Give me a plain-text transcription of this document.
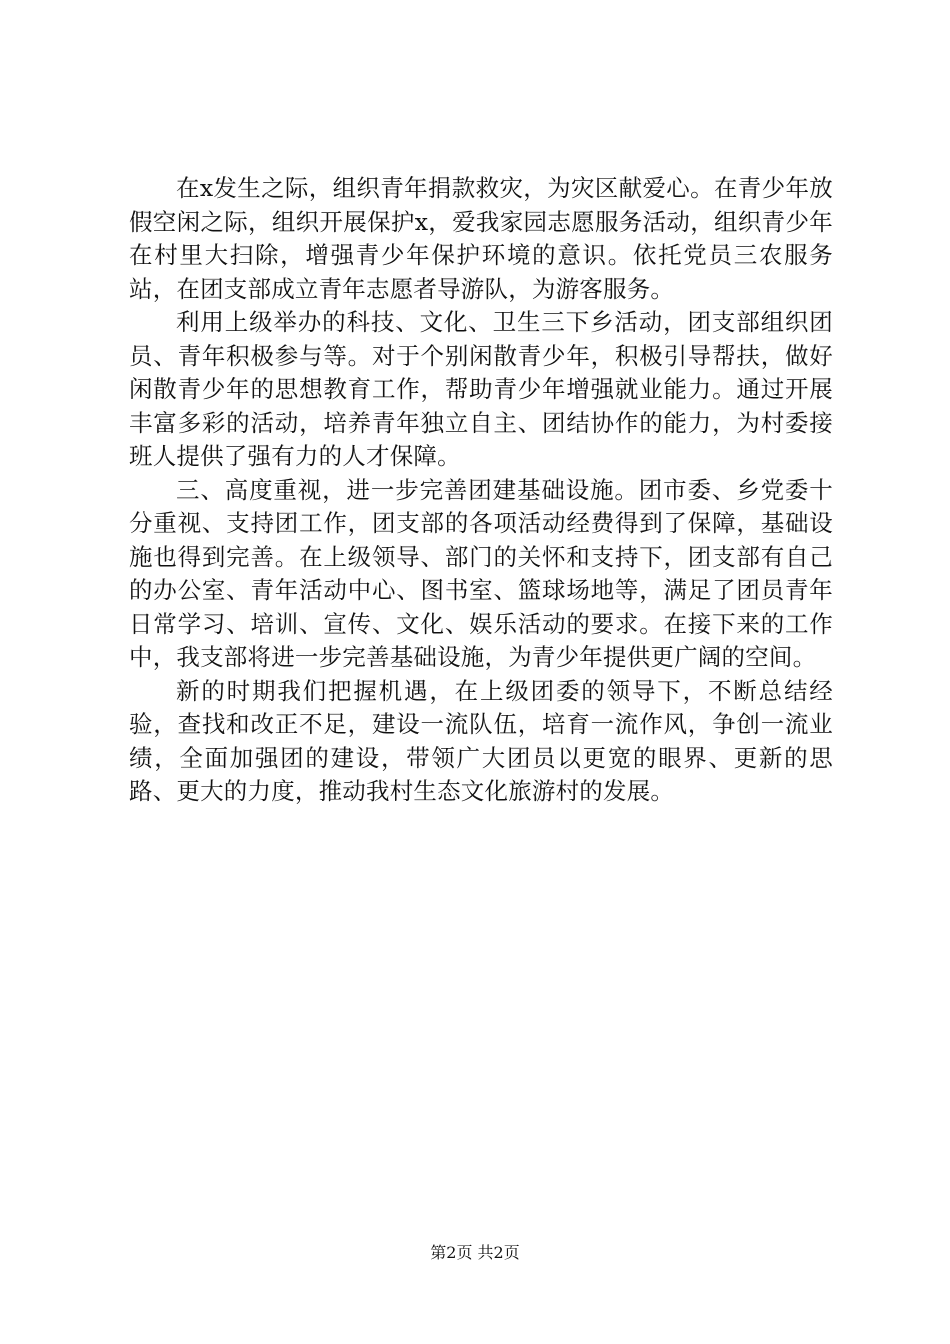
在x发生之际，组织青年捐款救灾，为灾区献爱心。在青少年放假空闲之际，组织开展保护x，爱我家园志愿服务活动，组织青少年在村里大扫除，增强青少年保护环境的意识。依托党员三农服务站，在团支部成立青年志愿者导游队，为游客服务。

利用上级举办的科技、文化、卫生三下乡活动，团支部组织团员、青年积极参与等。对于个别闲散青少年，积极引导帮扶，做好闲散青少年的思想教育工作，帮助青少年增强就业能力。通过开展丰富多彩的活动，培养青年独立自主、团结协作的能力，为村委接班人提供了强有力的人才保障。

三、高度重视，进一步完善团建基础设施。团市委、乡党委十分重视、支持团工作，团支部的各项活动经费得到了保障，基础设施也得到完善。在上级领导、部门的关怀和支持下，团支部有自己的办公室、青年活动中心、图书室、篮球场地等，满足了团员青年日常学习、培训、宣传、文化、娱乐活动的要求。在接下来的工作中，我支部将进一步完善基础设施，为青少年提供更广阔的空间。

新的时期我们把握机遇，在上级团委的领导下，不断总结经验，查找和改正不足，建设一流队伍，培育一流作风，争创一流业绩，全面加强团的建设，带领广大团员以更宽的眼界、更新的思路、更大的力度，推动我村生态文化旅游村的发展。

第2页 共2页
